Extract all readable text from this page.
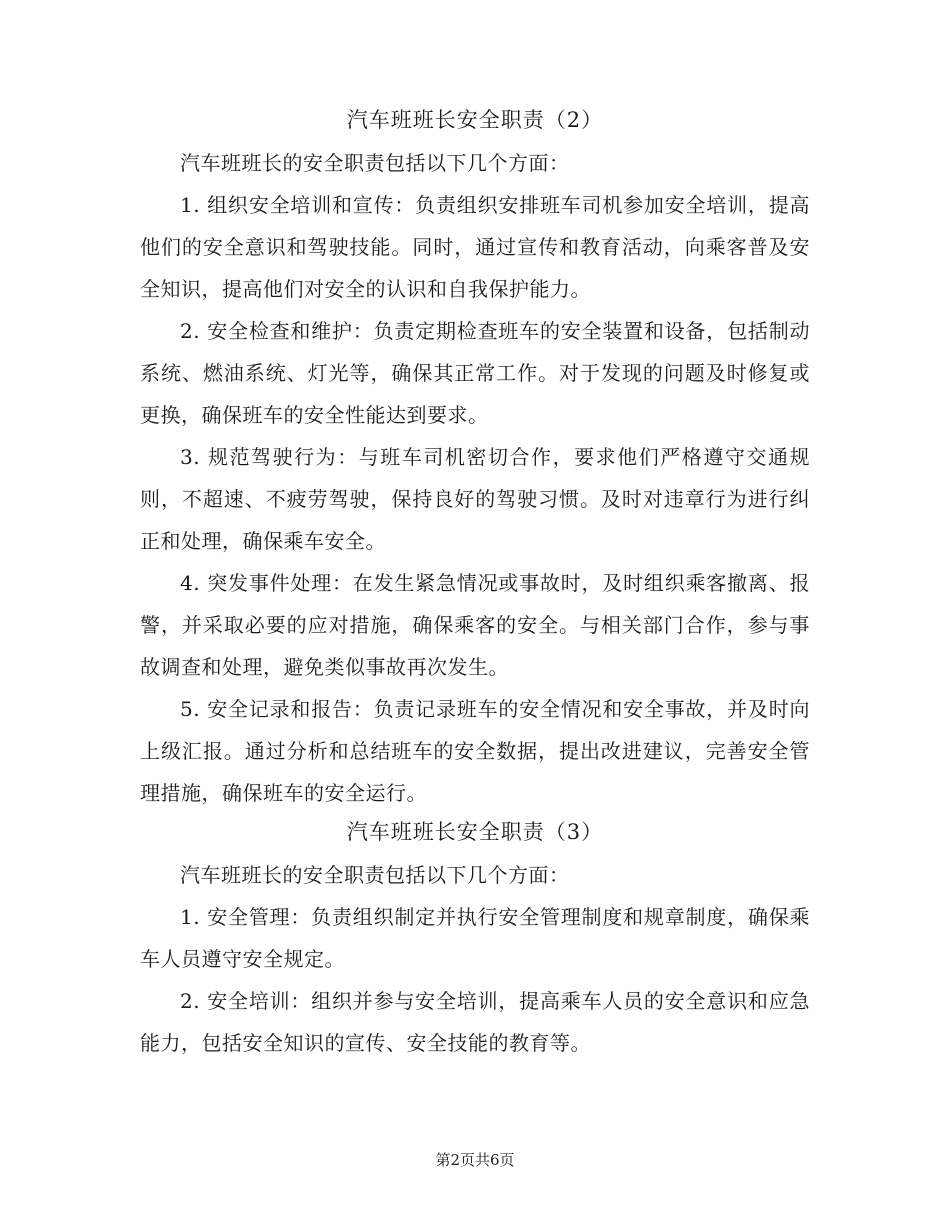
汽车班班长安全职责（2）

汽车班班长的安全职责包括以下几个方面：

1. 组织安全培训和宣传：负责组织安排班车司机参加安全培训，提高他们的安全意识和驾驶技能。同时，通过宣传和教育活动，向乘客普及安全知识，提高他们对安全的认识和自我保护能力。

2. 安全检查和维护：负责定期检查班车的安全装置和设备，包括制动系统、燃油系统、灯光等，确保其正常工作。对于发现的问题及时修复或更换，确保班车的安全性能达到要求。

3. 规范驾驶行为：与班车司机密切合作，要求他们严格遵守交通规则，不超速、不疲劳驾驶，保持良好的驾驶习惯。及时对违章行为进行纠正和处理，确保乘车安全。

4. 突发事件处理：在发生紧急情况或事故时，及时组织乘客撤离、报警，并采取必要的应对措施，确保乘客的安全。与相关部门合作，参与事故调查和处理，避免类似事故再次发生。

5. 安全记录和报告：负责记录班车的安全情况和安全事故，并及时向上级汇报。通过分析和总结班车的安全数据，提出改进建议，完善安全管理措施，确保班车的安全运行。

汽车班班长安全职责（3）

汽车班班长的安全职责包括以下几个方面：

1. 安全管理：负责组织制定并执行安全管理制度和规章制度，确保乘车人员遵守安全规定。

2. 安全培训：组织并参与安全培训，提高乘车人员的安全意识和应急能力，包括安全知识的宣传、安全技能的教育等。

第2页共6页
